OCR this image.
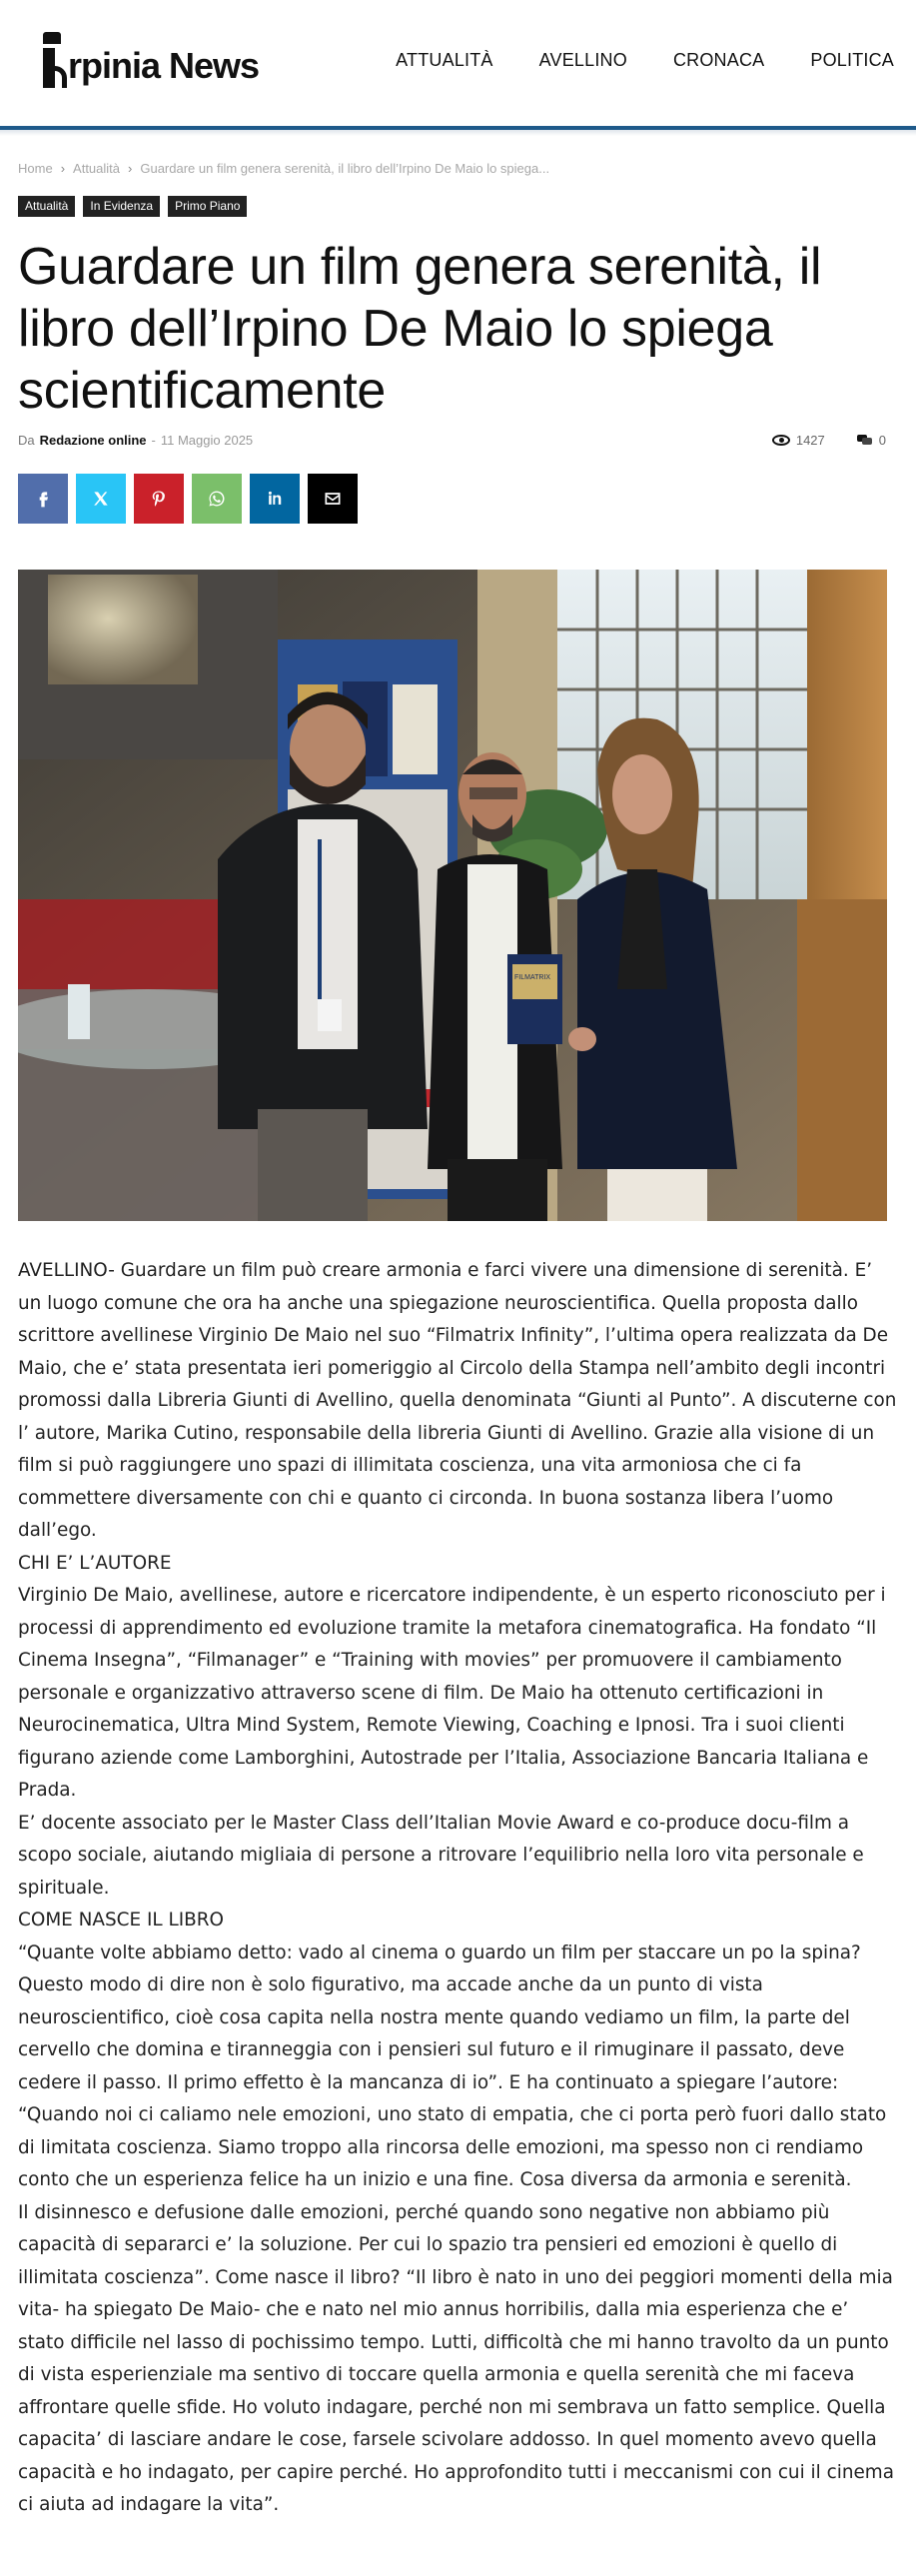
rpinia News	ATTUALITÀ	AVELLINO	CRONACA	POLITICA
Home › Attualità › Guardare un film genera serenità, il libro dell’Irpino De Maio lo spiega...
Attualità	In Evidenza	Primo Piano
Guardare un film genera serenità, il libro dell’Irpino De Maio lo spiega scientificamente
Da Redazione online - 11 Maggio 2025	1427	0
FILMATRIX

AVELLINO- Guardare un film può creare armonia e farci vivere una dimensione di serenità. E’ un luogo comune che ora ha anche una spiegazione neuroscientifica. Quella proposta dallo scrittore avellinese Virginio De Maio nel suo “Filmatrix Infinity”, l’ultima opera realizzata da De Maio, che e’ stata presentata ieri pomeriggio al Circolo della Stampa nell’ambito degli incontri promossi dalla Libreria Giunti di Avellino, quella denominata “Giunti al Punto”. A discuterne con l’ autore, Marika Cutino, responsabile della libreria Giunti di Avellino. Grazie alla visione di un film si può raggiungere uno spazi di illimitata coscienza, una vita armoniosa che ci fa commettere diversamente con chi e quanto ci circonda. In buona sostanza libera l’uomo dall’ego.

CHI E’ L’AUTORE

Virginio De Maio, avellinese, autore e ricercatore indipendente, è un esperto riconosciuto per i processi di apprendimento ed evoluzione tramite la metafora cinematografica. Ha fondato “Il Cinema Insegna”, “Filmanager” e “Training with movies” per promuovere il cambiamento personale e organizzativo attraverso scene di film. De Maio ha ottenuto certificazioni in Neurocinematica, Ultra Mind System, Remote Viewing, Coaching e Ipnosi. Tra i suoi clienti figurano aziende come Lamborghini, Autostrade per l’Italia, Associazione Bancaria Italiana e Prada.

E’ docente associato per le Master Class dell’Italian Movie Award e co-produce docu-film a scopo sociale, aiutando migliaia di persone a ritrovare l’equilibrio nella loro vita personale e spirituale.

COME NASCE IL LIBRO

“Quante volte abbiamo detto: vado al cinema o guardo un film per staccare un po la spina? Questo modo di dire non è solo figurativo, ma accade anche da un punto di vista neuroscientifico, cioè cosa capita nella nostra mente quando vediamo un film, la parte del cervello che domina e tiranneggia con i pensieri sul futuro e il rimuginare il passato, deve cedere il passo. Il primo effetto è la mancanza di io”. E ha continuato a spiegare l’autore: “Quando noi ci caliamo nele emozioni, uno stato di empatia, che ci porta però fuori dallo stato di limitata coscienza. Siamo troppo alla rincorsa delle emozioni, ma spesso non ci rendiamo conto che un esperienza felice ha un inizio e una fine. Cosa diversa da armonia e serenità.

Il disinnesco e defusione dalle emozioni, perché quando sono negative non abbiamo più capacità di separarci e’ la soluzione. Per cui lo spazio tra pensieri ed emozioni è quello di illimitata coscienza”. Come nasce il libro? “Il libro è nato in uno dei peggiori momenti della mia vita- ha spiegato De Maio- che e nato nel mio annus horribilis, dalla mia esperienza che e’ stato difficile nel lasso di pochissimo tempo. Lutti, difficoltà che mi hanno travolto da un punto di vista esperienziale ma sentivo di toccare quella armonia e quella serenità che mi faceva affrontare quelle sfide. Ho voluto indagare, perché non mi sembrava un fatto semplice. Quella capacita’ di lasciare andare le cose, farsele scivolare addosso. In quel momento avevo quella capacità e ho indagato, per capire perché. Ho approfondito tutti i meccanismi con cui il cinema ci aiuta ad indagare la vita”.
